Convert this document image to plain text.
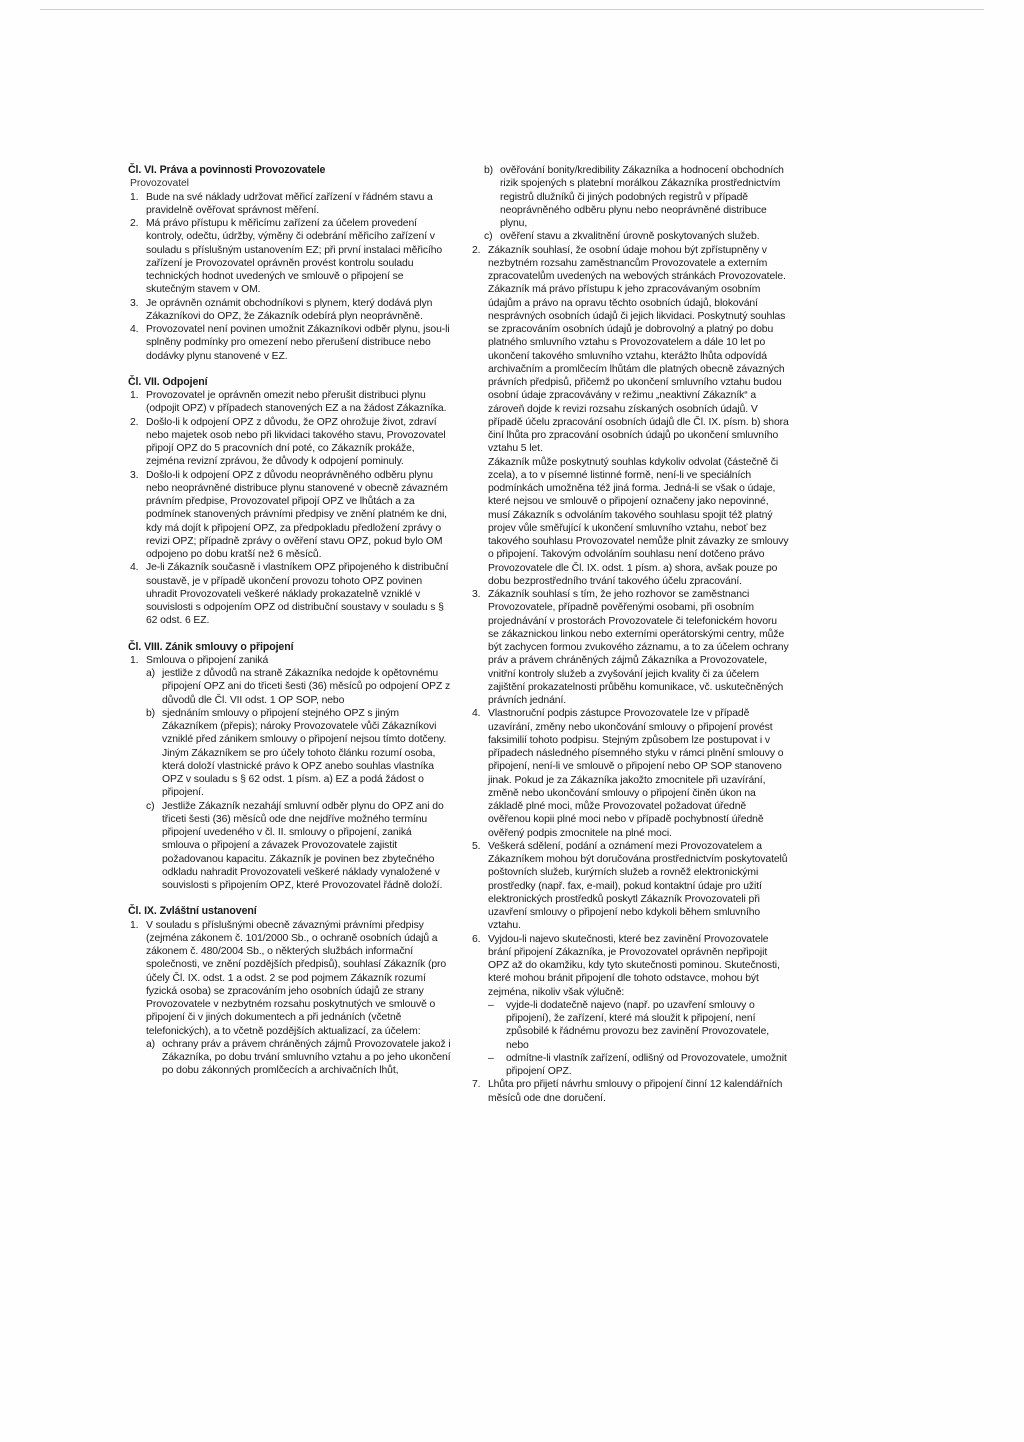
Čl. VI. Práva a povinnosti Provozovatele

Provozovatel

1. Bude na své náklady udržovat měřicí zařízení v řádném stavu a pravidelně ověřovat správnost měření.
2. Má právo přístupu k měřicímu zařízení za účelem provedení kontroly, odečtu, údržby, výměny či odebrání měřicího zařízení v souladu s příslušným ustanovením EZ; při první instalaci měřicího zařízení je Provozovatel oprávněn provést kontrolu souladu technických hodnot uvedených ve smlouvě o připojení se skutečným stavem v OM.
3. Je oprávněn oznámit obchodníkovi s plynem, který dodává plyn Zákazníkovi do OPZ, že Zákazník odebírá plyn neoprávněně.
4. Provozovatel není povinen umožnit Zákazníkovi odběr plynu, jsou-li splněny podmínky pro omezení nebo přerušení distribuce nebo dodávky plynu stanovené v EZ.

Čl. VII. Odpojení

1. Provozovatel je oprávněn omezit nebo přerušit distribuci plynu (odpojit OPZ) v případech stanovených EZ a na žádost Zákazníka.
2. Došlo-li k odpojení OPZ z důvodu, že OPZ ohrožuje život, zdraví nebo majetek osob nebo při likvidaci takového stavu, Provozovatel připojí OPZ do 5 pracovních dní poté, co Zákazník prokáže, zejména revizní zprávou, že důvody k odpojení pominuly.
3. Došlo-li k odpojení OPZ z důvodu neoprávněného odběru plynu nebo neoprávněné distribuce plynu stanovené v obecně závazném právním předpise, Provozovatel připojí OPZ ve lhůtách a za podmínek stanovených právními předpisy ve znění platném ke dni, kdy má dojít k připojení OPZ, za předpokladu předložení zprávy o revizi OPZ; případně zprávy o ověření stavu OPZ, pokud bylo OM odpojeno po dobu kratší než 6 měsíců.
4. Je-li Zákazník současně i vlastníkem OPZ připojeného k distribuční soustavě, je v případě ukončení provozu tohoto OPZ povinen uhradit Provozovateli veškeré náklady prokazatelně vzniklé v souvislosti s odpojením OPZ od distribuční soustavy v souladu s § 62 odst. 6 EZ.

Čl. VIII. Zánik smlouvy o připojení

1. Smlouva o připojení zaniká
a) jestliže z důvodů na straně Zákazníka nedojde k opětovnému připojení OPZ ani do třiceti šesti (36) měsíců po odpojení OPZ z důvodů dle Čl. VII odst. 1 OP SOP, nebo
b) sjednáním smlouvy o připojení stejného OPZ s jiným Zákazníkem (přepis); nároky Provozovatele vůči Zákazníkovi vzniklé před zánikem smlouvy o připojení nejsou tímto dotčeny. Jiným Zákazníkem se pro účely tohoto článku rozumí osoba, která doloží vlastnické právo k OPZ anebo souhlas vlastníka OPZ v souladu s § 62 odst. 1 písm. a) EZ a podá žádost o připojení.
c) Jestliže Zákazník nezahájí smluvní odběr plynu do OPZ ani do třiceti šesti (36) měsíců ode dne nejdříve možného termínu připojení uvedeného v čl. II. smlouvy o připojení, zaniká smlouva o připojení a závazek Provozovatele zajistit požadovanou kapacitu. Zákazník je povinen bez zbytečného odkladu nahradit Provozovateli veškeré náklady vynaložené v souvislosti s připojením OPZ, které Provozovatel řádně doloží.

Čl. IX. Zvláštní ustanovení

1. V souladu s příslušnými obecně závaznými právními předpisy (zejména zákonem č. 101/2000 Sb., o ochraně osobních údajů a zákonem č. 480/2004 Sb., o některých službách informační společnosti, ve znění pozdějších předpisů), souhlasí Zákazník (pro účely Čl. IX. odst. 1 a odst. 2 se pod pojmem Zákazník rozumí fyzická osoba) se zpracováním jeho osobních údajů ze strany Provozovatele v nezbytném rozsahu poskytnutých ve smlouvě o připojení či v jiných dokumentech a při jednáních (včetně telefonických), a to včetně pozdějších aktualizací, za účelem:
a) ochrany práv a právem chráněných zájmů Provozovatele jakož i Zákazníka, po dobu trvání smluvního vztahu a po jeho ukončení po dobu zákonných promlčecích a archivačních lhůt,
b) ověřování bonity/kredibility Zákazníka a hodnocení obchodních rizik spojených s platební morálkou Zákazníka prostřednictvím registrů dlužníků či jiných podobných registrů v případě neoprávněného odběru plynu nebo neoprávněné distribuce plynu,
c) ověření stavu a zkvalitnění úrovně poskytovaných služeb.
2. Zákazník souhlasí, že osobní údaje mohou být zpřístupněny v nezbytném rozsahu zaměstnancům Provozovatele a externím zpracovatelům uvedených na webových stránkách Provozovatele. Zákazník má právo přístupu k jeho zpracovávaným osobním údajům a právo na opravu těchto osobních údajů, blokování nesprávných osobních údajů či jejich likvidaci. Poskytnutý souhlas se zpracováním osobních údajů je dobrovolný a platný po dobu platného smluvního vztahu s Provozovatelem a dále 10 let po ukončení takového smluvního vztahu, kterážto lhůta odpovídá archivačním a promlčecím lhůtám dle platných obecně závazných právních předpisů, přičemž po ukončení smluvního vztahu budou osobní údaje zpracovávány v režimu „neaktivní Zákazník“ a zároveň dojde k revizi rozsahu získaných osobních údajů. V případě účelu zpracování osobních údajů dle Čl. IX. písm. b) shora činí lhůta pro zpracování osobních údajů po ukončení smluvního vztahu 5 let.

Zákazník může poskytnutý souhlas kdykoliv odvolat (částečně či zcela), a to v písemné listinné formě, není-li ve speciálních podmínkách umožněna též jiná forma. Jedná-li se však o údaje, které nejsou ve smlouvě o připojení označeny jako nepovinné, musí Zákazník s odvoláním takového souhlasu spojit též platný projev vůle směřující k ukončení smluvního vztahu, neboť bez takového souhlasu Provozovatel nemůže plnit závazky ze smlouvy o připojení. Takovým odvoláním souhlasu není dotčeno právo Provozovatele dle Čl. IX. odst. 1 písm. a) shora, avšak pouze po dobu bezprostředního trvání takového účelu zpracování.

3. Zákazník souhlasí s tím, že jeho rozhovor se zaměstnanci Provozovatele, případně pověřenými osobami, při osobním projednávání v prostorách Provozovatele či telefonickém hovoru se zákaznickou linkou nebo externími operátorskými centry, může být zachycen formou zvukového záznamu, a to za účelem ochrany práv a právem chráněných zájmů Zákazníka a Provozovatele, vnitřní kontroly služeb a zvyšování jejich kvality či za účelem zajištění prokazatelnosti průběhu komunikace, vč. uskutečněných právních jednání.
4. Vlastnoruční podpis zástupce Provozovatele lze v případě uzavírání, změny nebo ukončování smlouvy o připojení provést faksimilií tohoto podpisu. Stejným způsobem lze postupovat i v případech následného písemného styku v rámci plnění smlouvy o připojení, není-li ve smlouvě o připojení nebo OP SOP stanoveno jinak. Pokud je za Zákazníka jakožto zmocnitele při uzavírání, změně nebo ukončování smlouvy o připojení činěn úkon na základě plné moci, může Provozovatel požadovat úředně ověřenou kopii plné moci nebo v případě pochybností úředně ověřený podpis zmocnitele na plné moci.
5. Veškerá sdělení, podání a oznámení mezi Provozovatelem a Zákazníkem mohou být doručována prostřednictvím poskytovatelů poštovních služeb, kurýrních služeb a rovněž elektronickými prostředky (např. fax, e-mail), pokud kontaktní údaje pro užití elektronických prostředků poskytl Zákazník Provozovateli při uzavření smlouvy o připojení nebo kdykoli během smluvního vztahu.
6. Vyjdou-li najevo skutečnosti, které bez zavinění Provozovatele brání připojení Zákazníka, je Provozovatel oprávněn nepřipojit OPZ až do okamžiku, kdy tyto skutečnosti pominou. Skutečnosti, které mohou bránit připojení dle tohoto odstavce, mohou být zejména, nikoliv však výlučně:
–	vyjde-li dodatečně najevo (např. po uzavření smlouvy o připojení), že zařízení, které má sloužit k připojení, není způsobilé k řádnému provozu bez zavinění Provozovatele, nebo
–	odmítne-li vlastník zařízení, odlišný od Provozovatele, umožnit připojení OPZ.
7. Lhůta pro přijetí návrhu smlouvy o připojení činní 12 kalendářních měsíců ode dne doručení.
